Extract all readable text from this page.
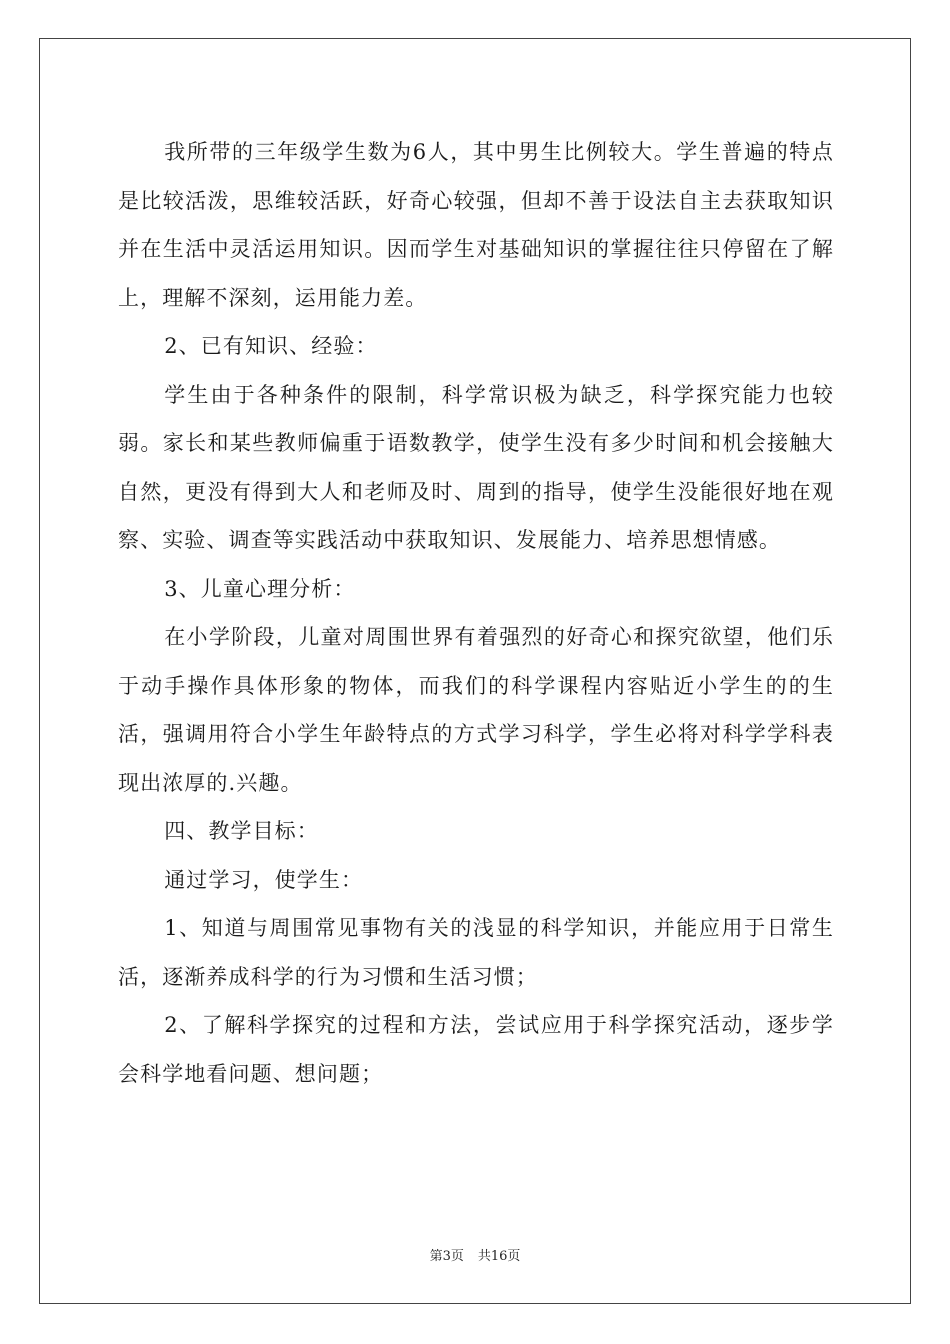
我所带的三年级学生数为6人，其中男生比例较大。学生普遍的特点是比较活泼，思维较活跃，好奇心较强，但却不善于设法自主去获取知识并在生活中灵活运用知识。因而学生对基础知识的掌握往往只停留在了解上，理解不深刻，运用能力差。

2、已有知识、经验：

学生由于各种条件的限制，科学常识极为缺乏，科学探究能力也较弱。家长和某些教师偏重于语数教学，使学生没有多少时间和机会接触大自然，更没有得到大人和老师及时、周到的指导，使学生没能很好地在观察、实验、调查等实践活动中获取知识、发展能力、培养思想情感。

3、儿童心理分析：

在小学阶段，儿童对周围世界有着强烈的好奇心和探究欲望，他们乐于动手操作具体形象的物体，而我们的科学课程内容贴近小学生的的生活，强调用符合小学生年龄特点的方式学习科学，学生必将对科学学科表现出浓厚的.兴趣。

四、教学目标：

通过学习，使学生：

1、知道与周围常见事物有关的浅显的科学知识，并能应用于日常生活，逐渐养成科学的行为习惯和生活习惯；

2、了解科学探究的过程和方法，尝试应用于科学探究活动，逐步学会科学地看问题、想问题；

第3页 共16页
